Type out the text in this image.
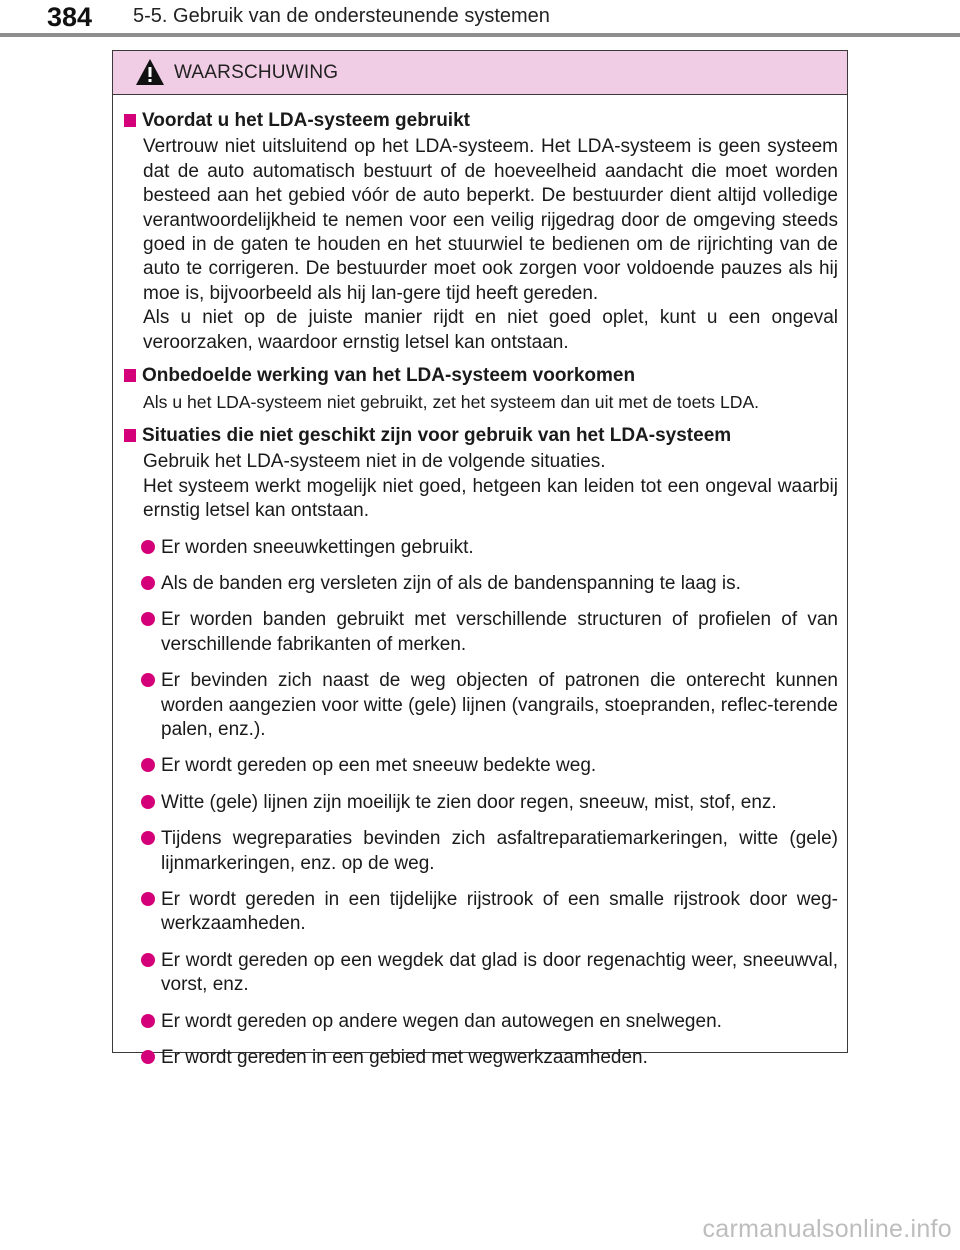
384 5-5. Gebruik van de ondersteunende systemen
WAARSCHUWING
Voordat u het LDA-systeem gebruikt

Vertrouw niet uitsluitend op het LDA-systeem. Het LDA-systeem is geen systeem dat de auto automatisch bestuurt of de hoeveelheid aandacht die moet worden besteed aan het gebied vóór de auto beperkt. De bestuurder dient altijd volledige verantwoordelijkheid te nemen voor een veilig rijgedrag door de omgeving steeds goed in de gaten te houden en het stuurwiel te bedienen om de rijrichting van de auto te corrigeren. De bestuurder moet ook zorgen voor voldoende pauzes als hij moe is, bijvoorbeeld als hij lan-gere tijd heeft gereden.

Als u niet op de juiste manier rijdt en niet goed oplet, kunt u een ongeval veroorzaken, waardoor ernstig letsel kan ontstaan.

Onbedoelde werking van het LDA-systeem voorkomen

Als u het LDA-systeem niet gebruikt, zet het systeem dan uit met de toets LDA.

Situaties die niet geschikt zijn voor gebruik van het LDA-systeem

Gebruik het LDA-systeem niet in de volgende situaties.

Het systeem werkt mogelijk niet goed, hetgeen kan leiden tot een ongeval waarbij ernstig letsel kan ontstaan.

Er worden sneeuwkettingen gebruikt.
Als de banden erg versleten zijn of als de bandenspanning te laag is.
Er worden banden gebruikt met verschillende structuren of profielen of van verschillende fabrikanten of merken.
Er bevinden zich naast de weg objecten of patronen die onterecht kunnen worden aangezien voor witte (gele) lijnen (vangrails, stoepranden, reflec-terende palen, enz.).
Er wordt gereden op een met sneeuw bedekte weg.
Witte (gele) lijnen zijn moeilijk te zien door regen, sneeuw, mist, stof, enz.
Tijdens wegreparaties bevinden zich asfaltreparatiemarkeringen, witte (gele) lijnmarkeringen, enz. op de weg.
Er wordt gereden in een tijdelijke rijstrook of een smalle rijstrook door weg-werkzaamheden.
Er wordt gereden op een wegdek dat glad is door regenachtig weer, sneeuwval, vorst, enz.
Er wordt gereden op andere wegen dan autowegen en snelwegen.
Er wordt gereden in een gebied met wegwerkzaamheden.
carmanualsonline.info
